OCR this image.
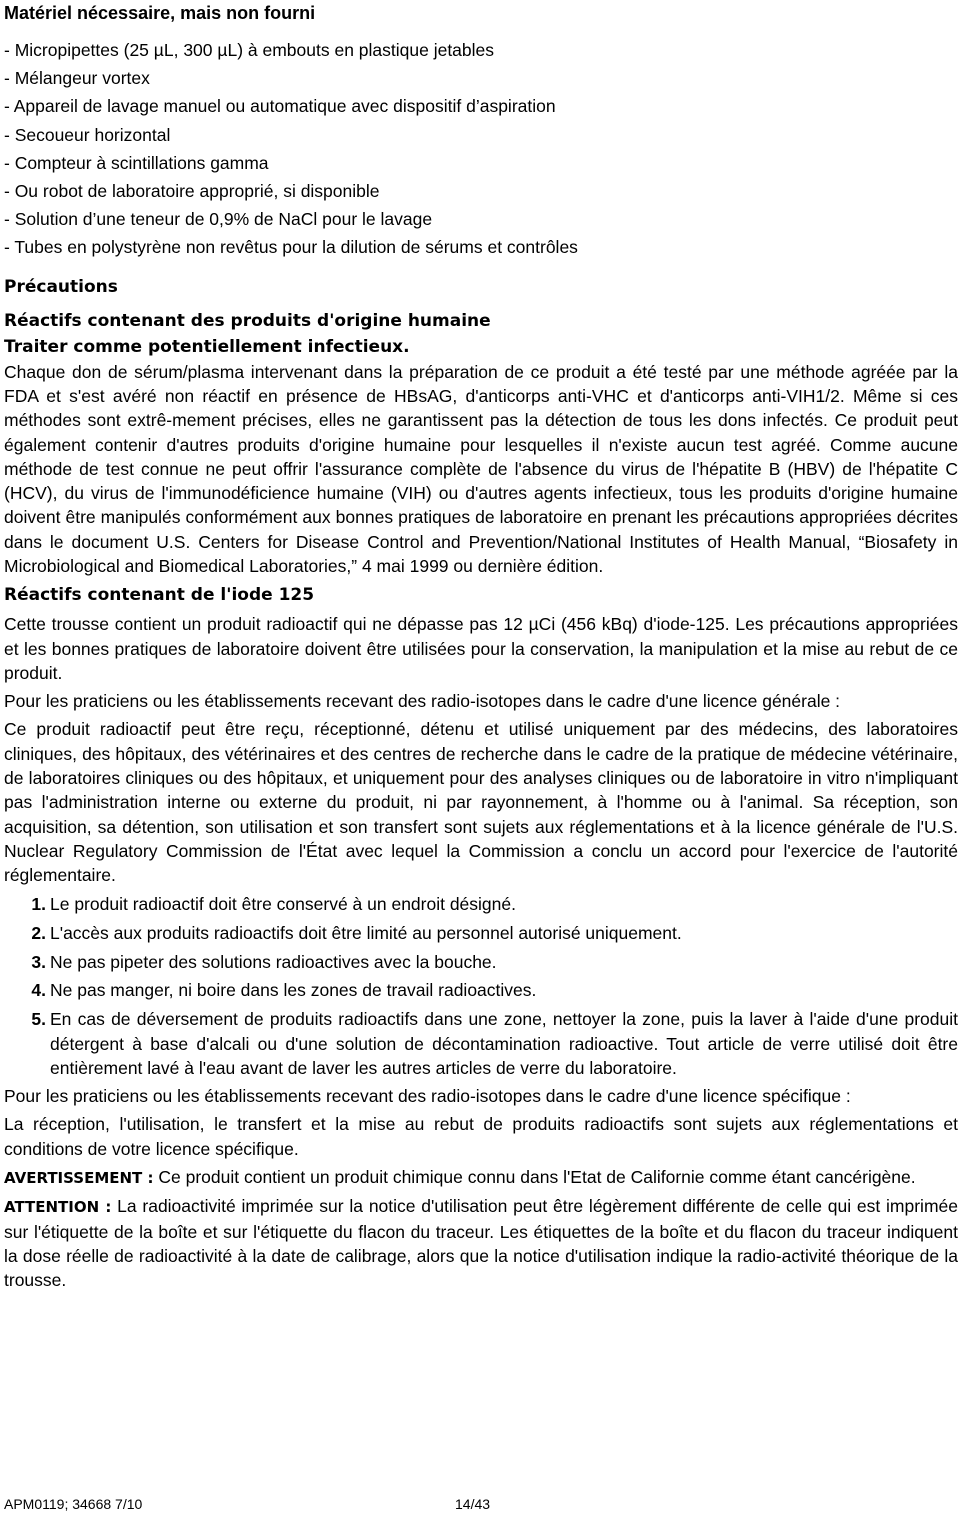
Matériel nécessaire, mais non fourni
- Micropipettes (25 µL, 300 µL) à embouts en plastique jetables
- Mélangeur vortex
- Appareil de lavage manuel ou automatique avec dispositif d’aspiration
- Secoueur horizontal
- Compteur à scintillations gamma
- Ou robot de laboratoire approprié, si disponible
- Solution d’une teneur de 0,9% de NaCl pour le lavage
- Tubes en polystyrène non revêtus pour la dilution de sérums et contrôles
Précautions
Réactifs contenant des produits d'origine humaine
Traiter comme potentiellement infectieux.

Chaque don de sérum/plasma intervenant dans la préparation de ce produit a été testé par une méthode agréée par la FDA et s'est avéré non réactif en présence de HBsAG, d'anticorps anti-VHC et d'anticorps anti-VIH1/2. Même si ces méthodes sont extrê-mement précises, elles ne garantissent pas la détection de tous les dons infectés. Ce produit peut également contenir d'autres produits d'origine humaine pour lesquelles il n'existe aucun test agréé. Comme aucune méthode de test connue ne peut offrir l'assurance complète de l'absence du virus de l'hépatite B (HBV) de l'hépatite C (HCV), du virus de l'immunodéficience humaine (VIH) ou d'autres agents infectieux, tous les produits d'origine humaine doivent être manipulés conformément aux bonnes pratiques de laboratoire en prenant les précautions appropriées décrites dans le document U.S. Centers for Disease Control and Prevention/National Institutes of Health Manual, “Biosafety in Microbiological and Biomedical Laboratories,” 4 mai 1999 ou dernière édition.

Réactifs contenant de l'iode 125

Cette trousse contient un produit radioactif qui ne dépasse pas 12 µCi (456 kBq) d'iode-125. Les précautions appropriées et les bonnes pratiques de laboratoire doivent être utilisées pour la conservation, la manipulation et la mise au rebut de ce produit.

Pour les praticiens ou les établissements recevant des radio-isotopes dans le cadre d'une licence générale :

Ce produit radioactif peut être reçu, réceptionné, détenu et utilisé uniquement par des médecins, des laboratoires cliniques, des hôpitaux, des vétérinaires et des centres de recherche dans le cadre de la pratique de médecine vétérinaire, de laboratoires cliniques ou des hôpitaux, et uniquement pour des analyses cliniques ou de laboratoire in vitro n'impliquant pas l'administration interne ou externe du produit, ni par rayonnement, à l'homme ou à l'animal. Sa réception, son acquisition, sa détention, son utilisation et son transfert sont sujets aux réglementations et à la licence générale de l'U.S. Nuclear Regulatory Commission de l'État avec lequel la Commission a conclu un accord pour l'exercice de l'autorité réglementaire.

1. Le produit radioactif doit être conservé à un endroit désigné.
2. L'accès aux produits radioactifs doit être limité au personnel autorisé uniquement.
3. Ne pas pipeter des solutions radioactives avec la bouche.
4. Ne pas manger, ni boire dans les zones de travail radioactives.
5. En cas de déversement de produits radioactifs dans une zone, nettoyer la zone, puis la laver à l'aide d'une produit détergent à base d'alcali ou d'une solution de décontamination radioactive. Tout article de verre utilisé doit être entièrement lavé à l'eau avant de laver les autres articles de verre du laboratoire.

Pour les praticiens ou les établissements recevant des radio-isotopes dans le cadre d'une licence spécifique :

La réception, l'utilisation, le transfert et la mise au rebut de produits radioactifs sont sujets aux réglementations et conditions de votre licence spécifique.

AVERTISSEMENT : Ce produit contient un produit chimique connu dans l'Etat de Californie comme étant cancérigène.

ATTENTION : La radioactivité imprimée sur la notice d'utilisation peut être légèrement différente de celle qui est imprimée sur l'étiquette de la boîte et sur l'étiquette du flacon du traceur. Les étiquettes de la boîte et du flacon du traceur indiquent la dose réelle de radioactivité à la date de calibrage, alors que la notice d'utilisation indique la radio-activité théorique de la trousse.

APM0119; 34668 7/10	14/43
